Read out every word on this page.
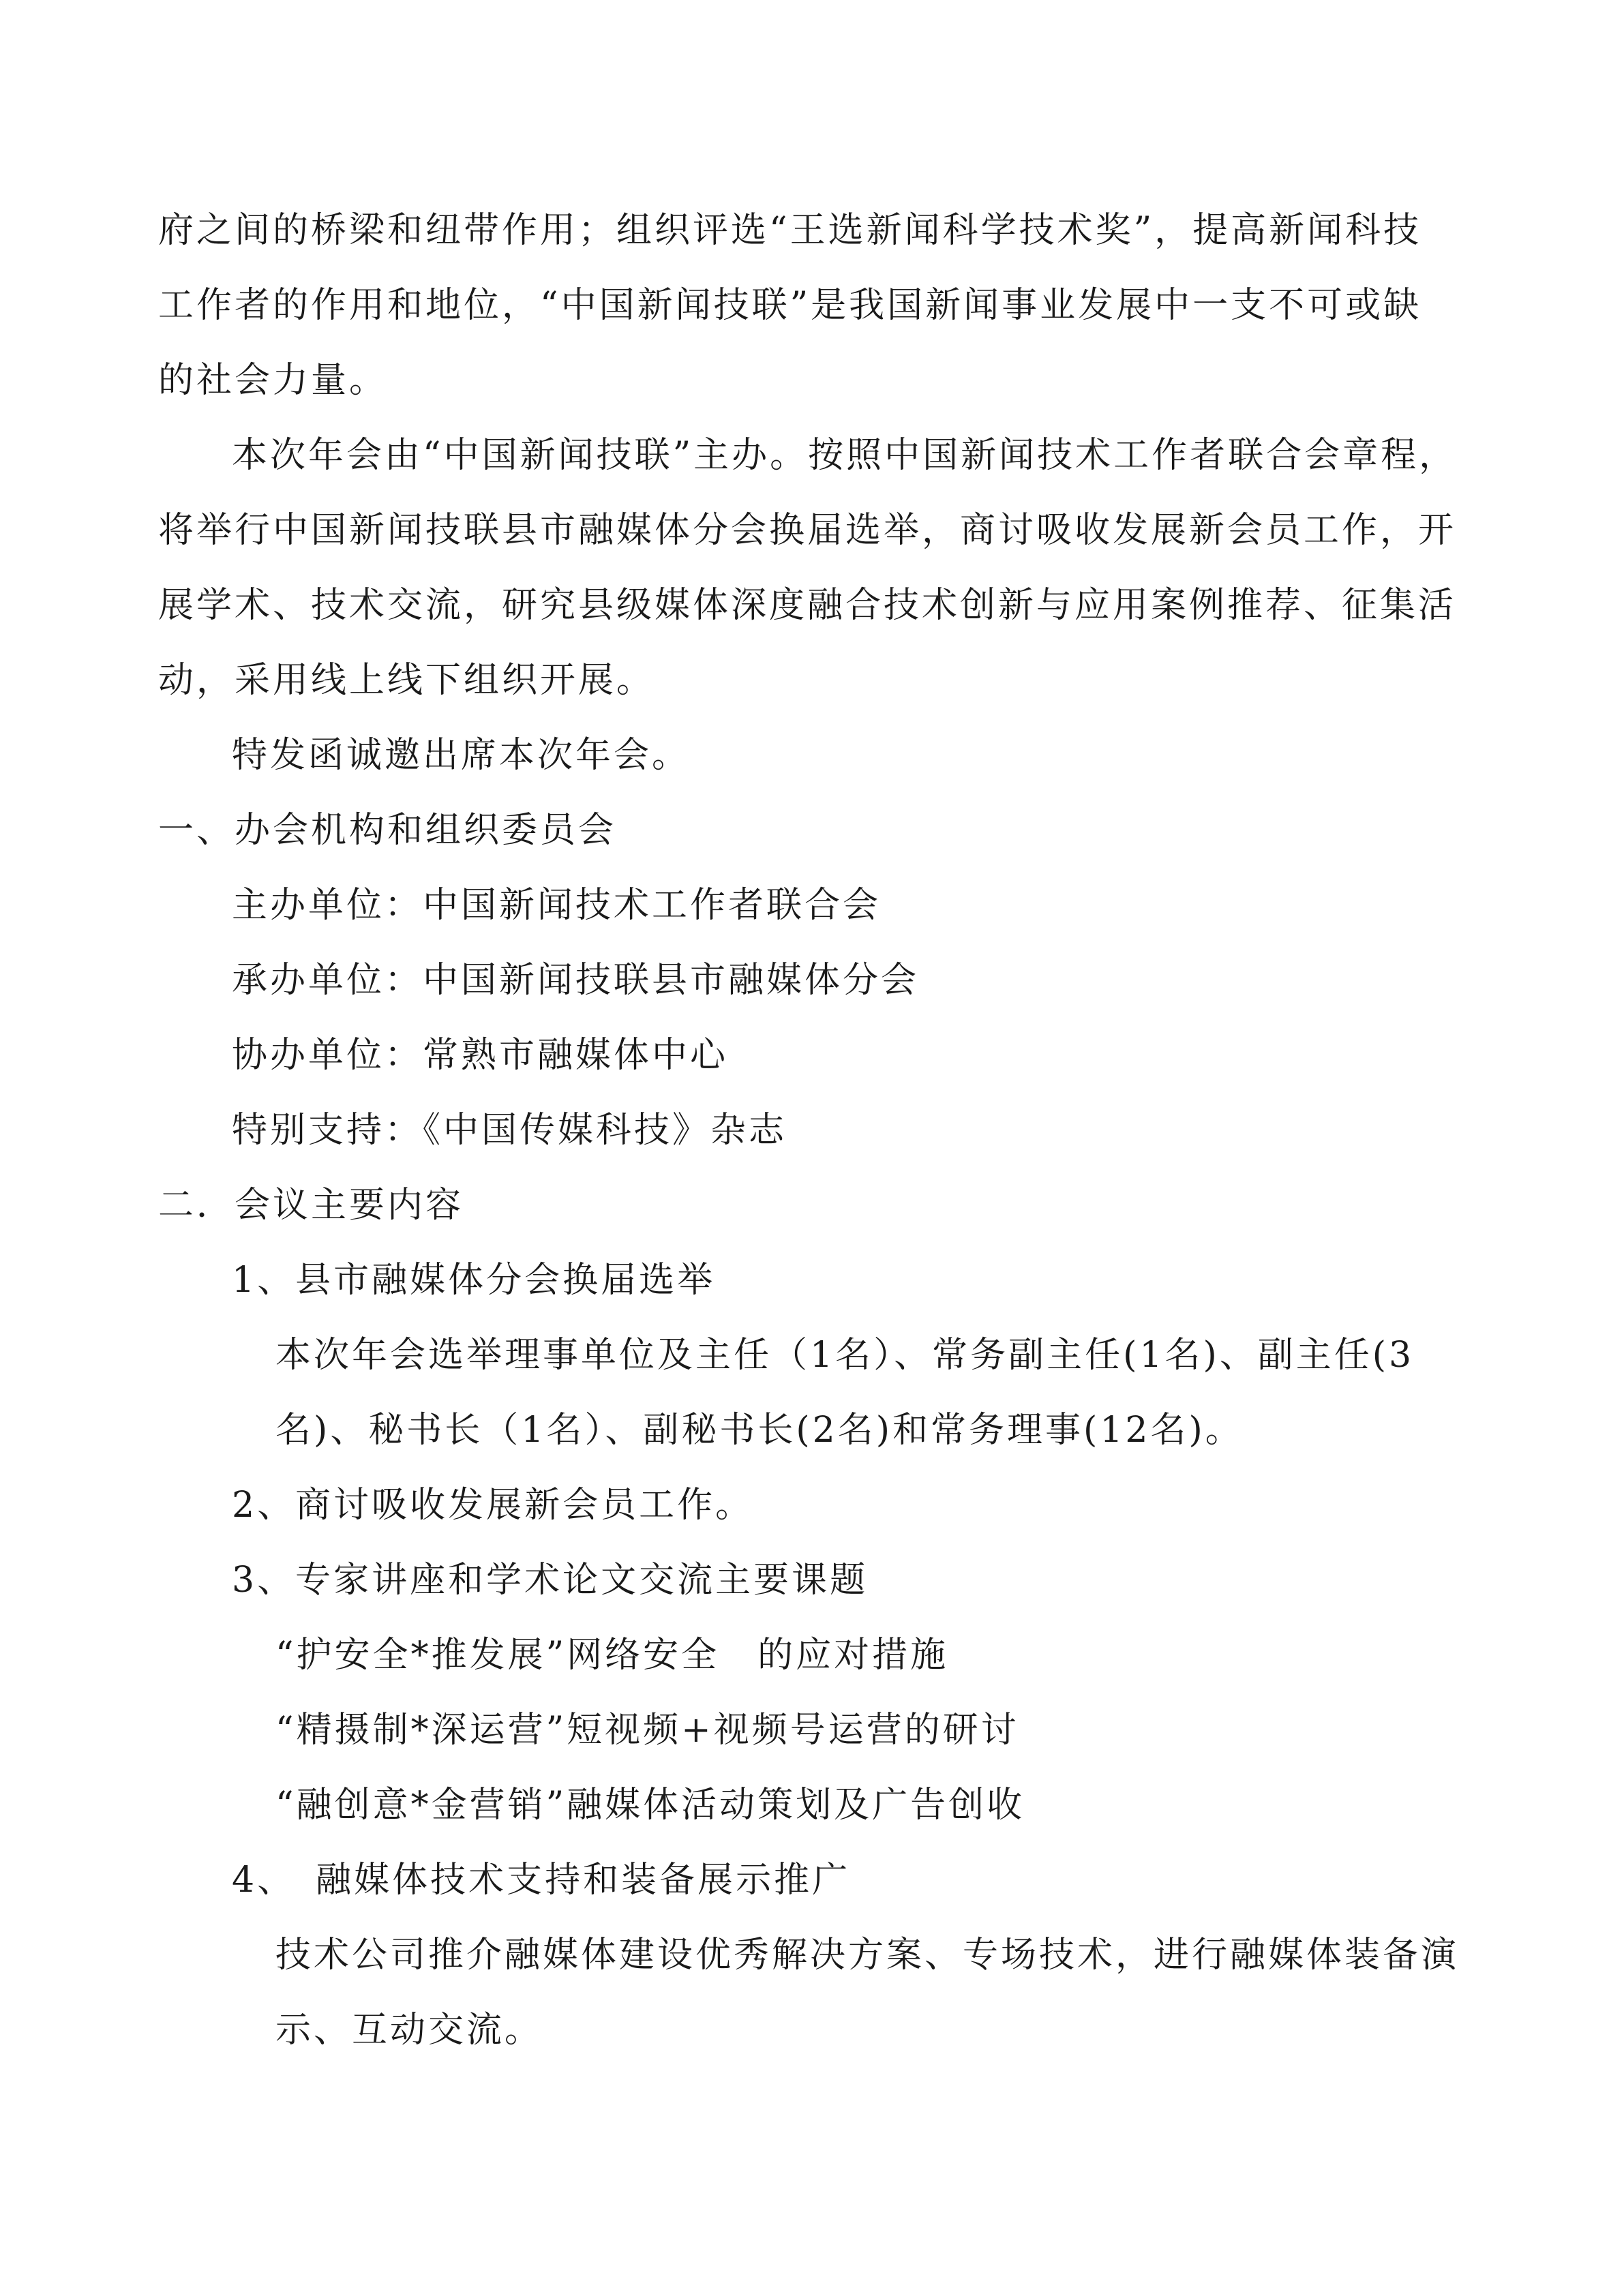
府之间的桥梁和纽带作用；组织评选“王选新闻科学技术奖”，提高新闻科技
工作者的作用和地位，“中国新闻技联”是我国新闻事业发展中一支不可或缺
的社会力量。
本次年会由“中国新闻技联”主办。按照中国新闻技术工作者联合会章程，
将举行中国新闻技联县市融媒体分会换届选举，商讨吸收发展新会员工作，开
展学术、技术交流，研究县级媒体深度融合技术创新与应用案例推荐、征集活
动，采用线上线下组织开展。
特发函诚邀出席本次年会。
一、办会机构和组织委员会
主办单位：中国新闻技术工作者联合会
承办单位：中国新闻技联县市融媒体分会
协办单位：常熟市融媒体中心
特别支持：《中国传媒科技》杂志
二．会议主要内容
1、县市融媒体分会换届选举
本次年会选举理事单位及主任（1名）、常务副主任(1名)、副主任(3
名)、秘书长（1名）、副秘书长(2名)和常务理事(12名)。
2、商讨吸收发展新会员工作。
3、专家讲座和学术论文交流主要课题
“护安全*推发展”网络安全　的应对措施
“精摄制*深运营”短视频+视频号运营的研讨
“融创意*金营销”融媒体活动策划及广告创收
4、　融媒体技术支持和装备展示推广
技术公司推介融媒体建设优秀解决方案、专场技术，进行融媒体装备演
示、互动交流。
